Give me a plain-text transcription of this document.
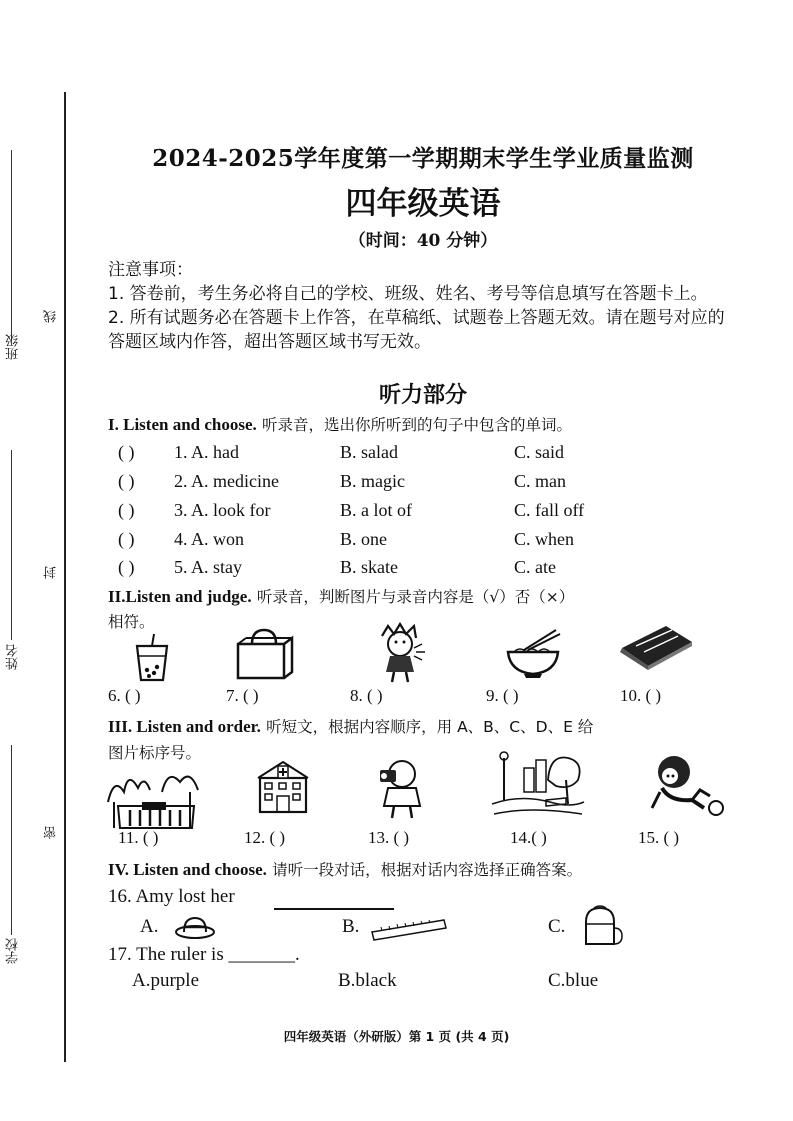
班级
姓名
学校
线
封
密
2024-2025学年度第一学期期末学生学业质量监测
四年级英语
（时间：40 分钟）

注意事项：

1. 答卷前，考生务必将自己的学校、班级、姓名、考号等信息填写在答题卡上。

2. 所有试题务必在答题卡上作答，在草稿纸、试题卷上答题无效。请在题号对应的答题区域内作答，超出答题区域书写无效。

听力部分
I. Listen and choose. 听录音，选出你所听到的句子中包含的单词。
( ) 1. A. had	B. salad	C. said
( ) 2. A. medicine	B. magic	C. man
( ) 3. A. look for	B. a lot of	C. fall off
( ) 4. A. won	B. one	C. when
( ) 5. A. stay	B. skate	C. ate
II.Listen and judge. 听录音，判断图片与录音内容是（√）否（×）
相符。
6. ( )	7. ( )	8. ( )	9. ( )	10. ( )
III. Listen and order. 听短文，根据内容顺序，用 A、B、C、D、E 给
图片标序号。
11. ( )	12. ( )	13. ( )	14.( )	15. ( )
IV. Listen and choose. 请听一段对话，根据对话内容选择正确答案。
16. Amy lost her
A.	B.	C.
17. The ruler is _______.
A.purple	B.black	C.blue
四年级英语（外研版）第 1 页 (共 4 页)
